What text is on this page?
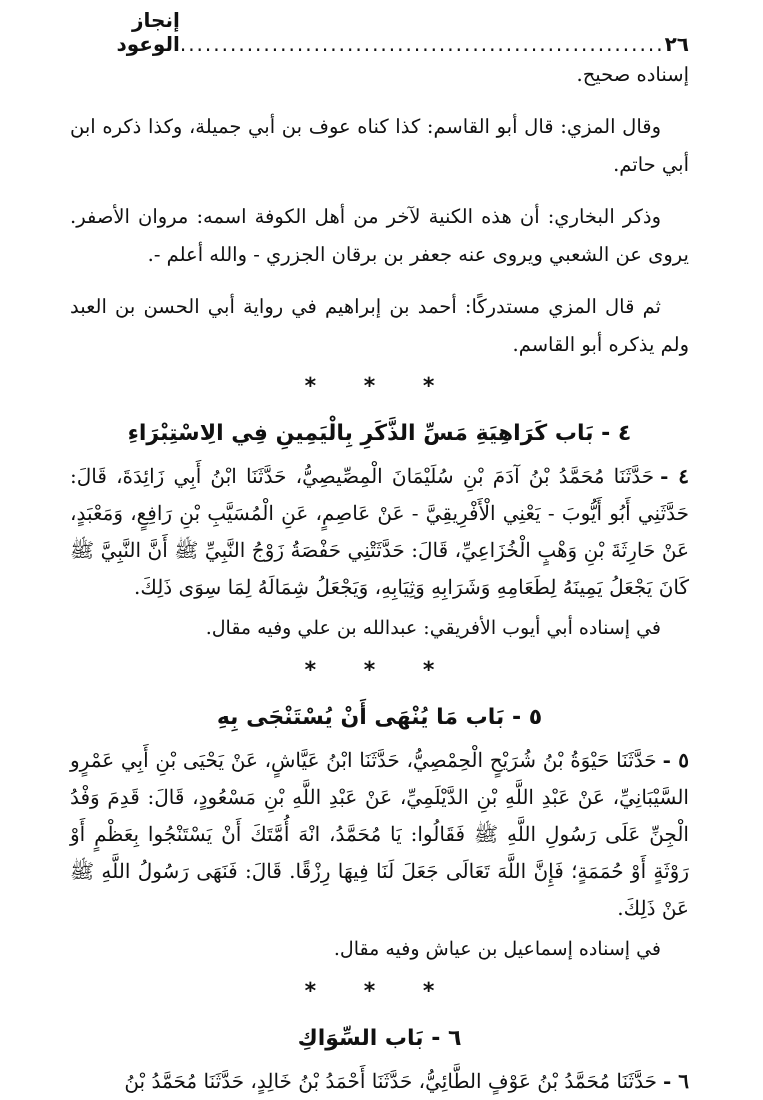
٢٦
..........................................................
إنجاز الوعود

إسناده صحيح.

وقال المزي: قال أبو القاسم: كذا كناه عوف بن أبي جميلة، وكذا ذكره ابن أبي حاتم.

وذكر البخاري: أن هذه الكنية لآخر من أهل الكوفة اسمه: مروان الأصفر. يروى عن الشعبي ويروى عنه جعفر بن برقان الجزري - والله أعلم -.

ثم قال المزي مستدركًا: أحمد بن إبراهيم في رواية أبي الحسن بن العبد ولم يذكره أبو القاسم.

* * *
٤ - بَاب كَرَاهِيَةِ مَسِّ الذَّكَرِ بِالْيَمِينِ فِي الِاسْتِبْرَاءِ

٤ -حَدَّثَنَا مُحَمَّدُ بْنُ آدَمَ بْنِ سُلَيْمَانَ الْمِصِّيصِيُّ، حَدَّثَنَا ابْنُ أَبِي زَائِدَةَ، قَالَ: حَدَّثَنِي أَبُو أَيُّوبَ - يَعْنِي الْأَفْرِيقِيَّ - عَنْ عَاصِمٍ، عَنِ الْمُسَيَّبِ بْنِ رَافِعٍ، وَمَعْبَدٍ، عَنْ حَارِثَةَ بْنِ وَهْبٍ الْخُزَاعِيِّ، قَالَ: حَدَّثَتْنِي حَفْصَةُ زَوْجُ النَّبِيِّ ﷺ أَنَّ النَّبِيَّ ﷺ كَانَ يَجْعَلُ يَمِينَهُ لِطَعَامِهِ وَشَرَابِهِ وَثِيَابِهِ، وَيَجْعَلُ شِمَالَهُ لِمَا سِوَى ذَلِكَ.

في إسناده أبي أيوب الأفريقي: عبدالله بن علي وفيه مقال.

* * *
٥ - بَاب مَا يُنْهَى أَنْ يُسْتَنْجَى بِهِ

٥ -حَدَّثَنَا حَيْوَةُ بْنُ شُرَيْحٍ الْحِمْصِيُّ، حَدَّثَنَا ابْنُ عَيَّاشٍ، عَنْ يَحْيَى بْنِ أَبِي عَمْرٍو السَّيْبَانِيِّ، عَنْ عَبْدِ اللَّهِ بْنِ الدَّيْلَمِيِّ، عَنْ عَبْدِ اللَّهِ بْنِ مَسْعُودٍ، قَالَ: قَدِمَ وَفْدُ الْجِنِّ عَلَى رَسُولِ اللَّهِ ﷺ فَقَالُوا: يَا مُحَمَّدُ، انْهَ أُمَّتَكَ أَنْ يَسْتَنْجُوا بِعَظْمٍ أَوْ رَوْثَةٍ أَوْ حُمَمَةٍ؛ فَإِنَّ اللَّهَ تَعَالَى جَعَلَ لَنَا فِيهَا رِزْقًا. قَالَ: فَنَهَى رَسُولُ اللَّهِ ﷺ عَنْ ذَلِكَ.

في إسناده إسماعيل بن عياش وفيه مقال.

* * *
٦ - بَاب السِّوَاكِ

٦ -حَدَّثَنَا مُحَمَّدُ بْنُ عَوْفٍ الطَّائِيُّ، حَدَّثَنَا أَحْمَدُ بْنُ خَالِدٍ، حَدَّثَنَا مُحَمَّدُ بْنُ
